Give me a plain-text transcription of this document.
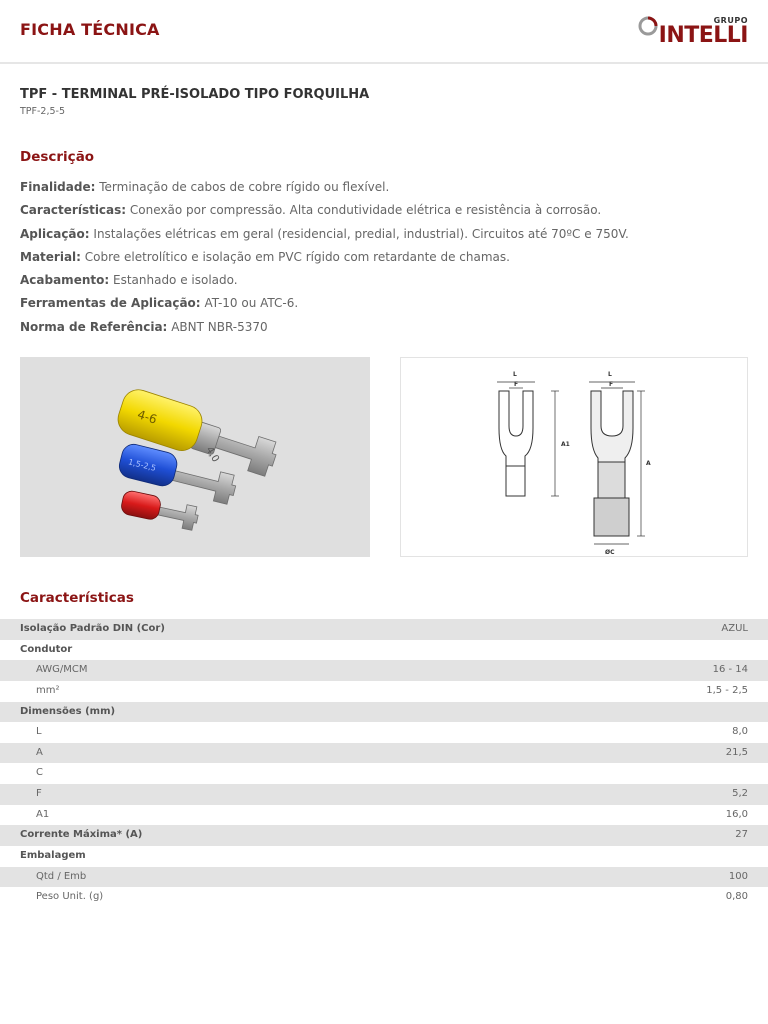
FICHA TÉCNICA	GRUPO
INTELLI
TPF - TERMINAL PRÉ-ISOLADO TIPO FORQUILHA
TPF-2,5-5
Descrição
Finalidade: Terminação de cabos de cobre rígido ou flexível.
Características: Conexão por compressão. Alta condutividade elétrica e resistência à corrosão.
Aplicação: Instalações elétricas em geral (residencial, predial, industrial). Circuitos até 70ºC e 750V.
Material: Cobre eletrolítico e isolação em PVC rígido com retardante de chamas.
Acabamento: Estanhado e isolado.
Ferramentas de Aplicação: AT-10 ou ATC-6.
Norma de Referência: ABNT NBR-5370
4-6
1,5-2,5
4,0
L
F
L
F
A1
A
ØC
Características
Isolação Padrão DIN (Cor)	AZUL
Condutor
AWG/MCM	16 - 14
mm²	1,5 - 2,5
Dimensões (mm)
L	8,0
A	21,5
C
F	5,2
A1	16,0
Corrente Máxima* (A)	27
Embalagem
Qtd / Emb	100
Peso Unit. (g)	0,80
